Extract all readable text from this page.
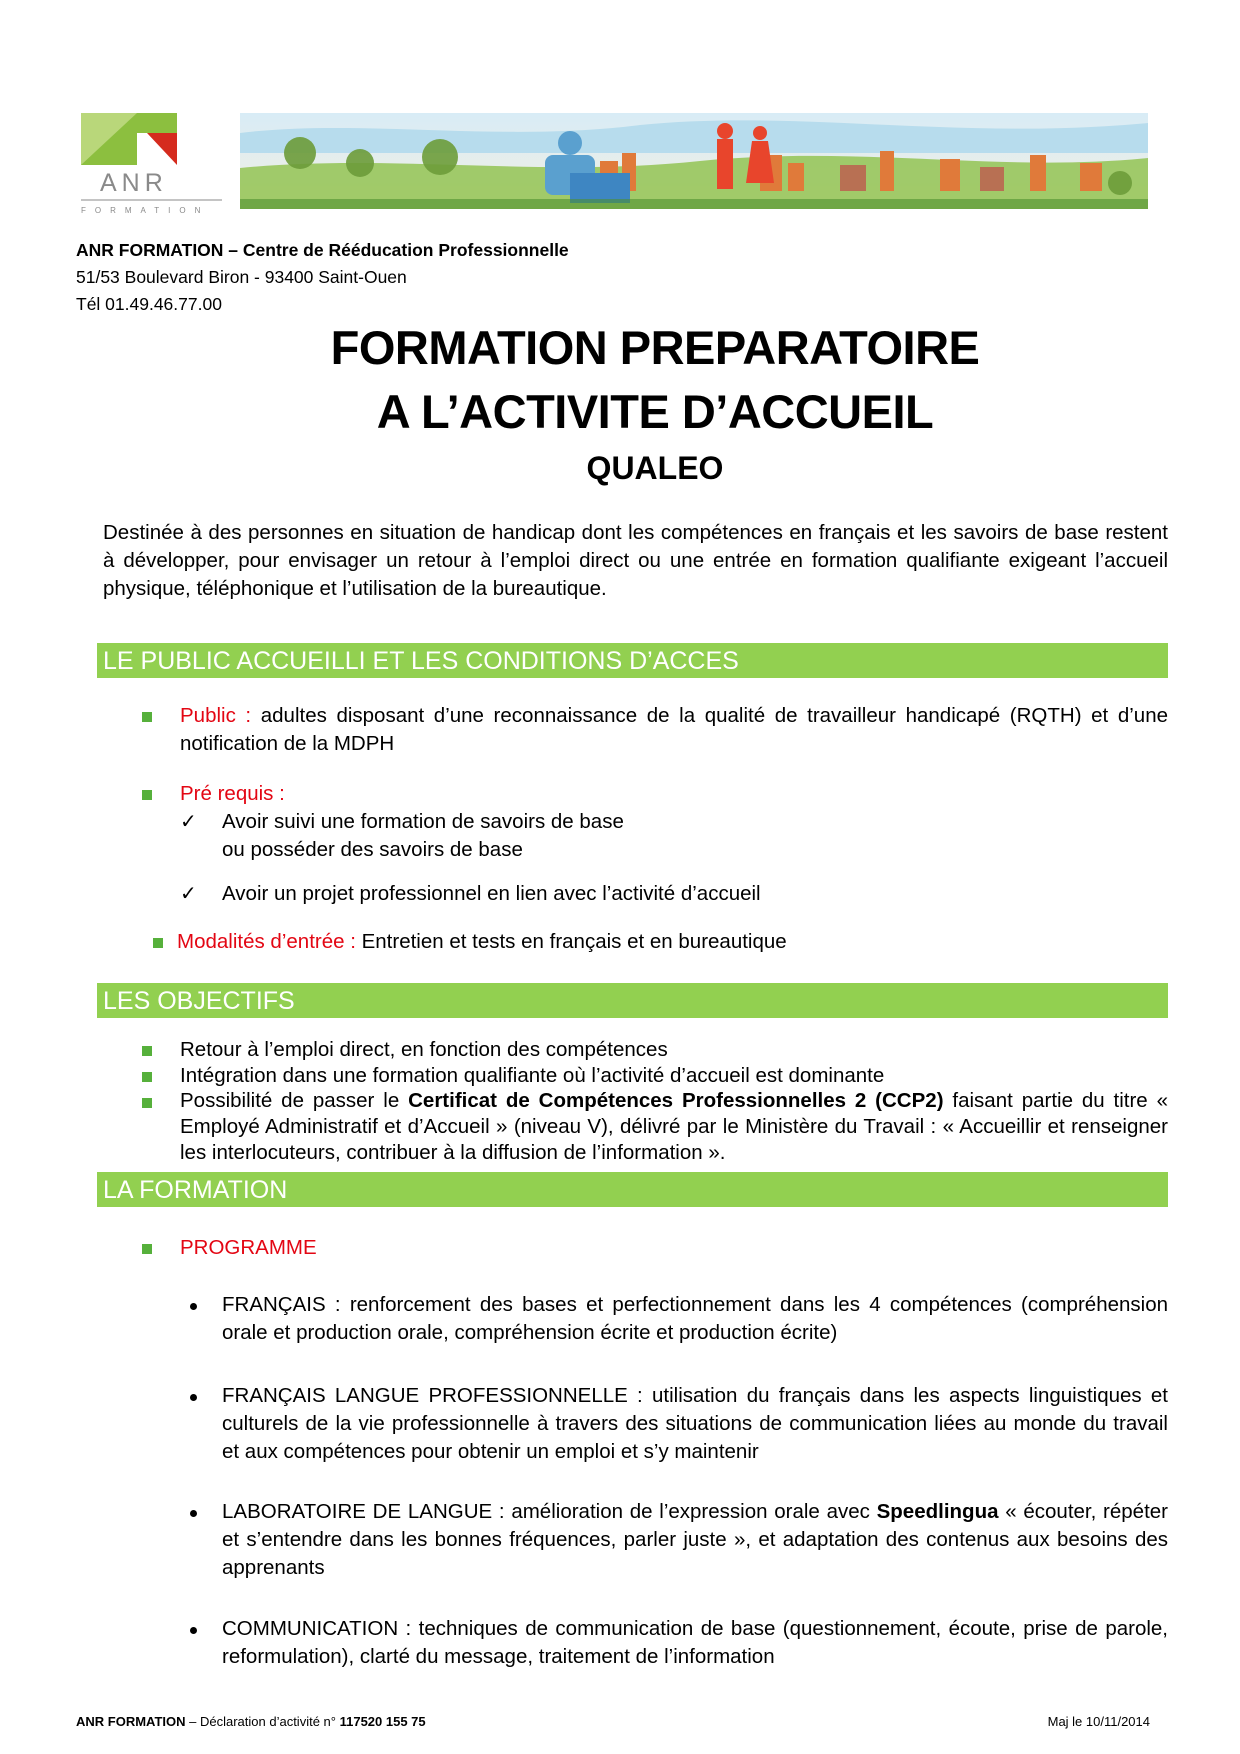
ANR
FORMATION
ANR FORMATION – Centre de Rééducation Professionnelle
51/53 Boulevard Biron - 93400 Saint-Ouen
Tél 01.49.46.77.00
FORMATION PREPARATOIRE
A L’ACTIVITE D’ACCUEIL
QUALEO
Destinée à des personnes en situation de handicap dont les compétences en français et les savoirs de base restent à développer, pour envisager un retour à l’emploi direct ou une entrée en formation qualifiante exigeant l’accueil physique, téléphonique et l’utilisation de la bureautique.
LE PUBLIC ACCUEILLI ET LES CONDITIONS D’ACCES
Public : adultes disposant d’une reconnaissance de la qualité de travailleur handicapé (RQTH) et d’une notification de la MDPH
Pré requis :
✓ Avoir suivi une formation de savoirs de base
ou posséder des savoirs de base
✓ Avoir un projet professionnel en lien avec l’activité d’accueil
Modalités d’entrée : Entretien et tests en français et en bureautique
LES OBJECTIFS
Retour à l’emploi direct, en fonction des compétences
Intégration dans une formation qualifiante où l’activité d’accueil est dominante
Possibilité de passer le Certificat de Compétences Professionnelles 2 (CCP2) faisant partie du titre « Employé Administratif et d’Accueil » (niveau V), délivré par le Ministère du Travail : « Accueillir et renseigner les interlocuteurs, contribuer à la diffusion de l’information ».
LA FORMATION
PROGRAMME
FRANÇAIS : renforcement des bases et perfectionnement dans les 4 compétences (compréhension orale et production orale, compréhension écrite et production écrite)
FRANÇAIS LANGUE PROFESSIONNELLE : utilisation du français dans les aspects linguistiques et culturels de la vie professionnelle à travers des situations de communication liées au monde du travail et aux compétences pour obtenir un emploi et s’y maintenir
LABORATOIRE DE LANGUE : amélioration de l’expression orale avec Speedlingua « écouter, répéter et s’entendre dans les bonnes fréquences, parler juste », et adaptation des contenus aux besoins des apprenants
COMMUNICATION : techniques de communication de base (questionnement, écoute, prise de parole, reformulation), clarté du message, traitement de l’information
ANR FORMATION – Déclaration d’activité n° 117520 155 75	Maj le 10/11/2014
